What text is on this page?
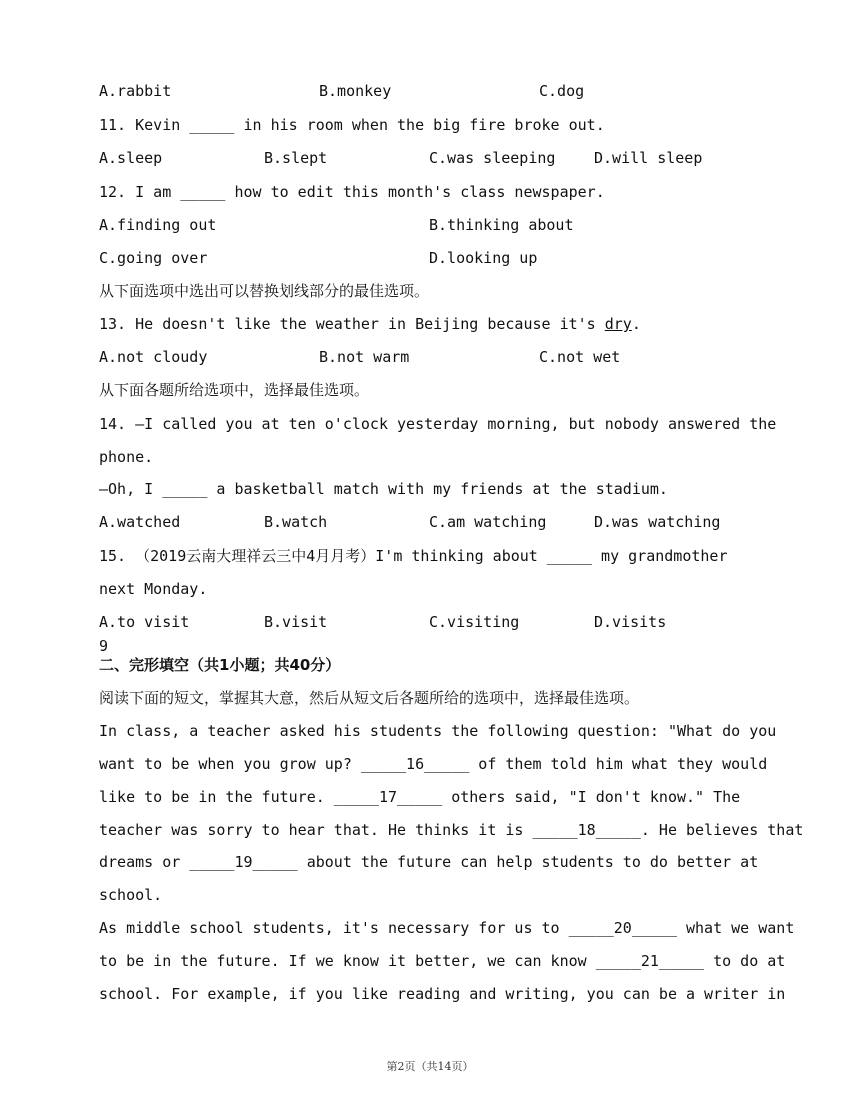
A.rabbit	B.monkey	C.dog
11. Kevin _____ in his room when the big fire broke out.
A.sleep	B.slept	C.was sleeping	D.will sleep
12. I am _____ how to edit this month's class newspaper.
A.finding out	B.thinking about
C.going over	D.looking up
从下面选项中选出可以替换划线部分的最佳选项。
13. He doesn't like the weather in Beijing because it's dry.
A.not cloudy	B.not warm	C.not wet
从下面各题所给选项中，选择最佳选项。
14. —I called you at ten o'clock yesterday morning, but nobody answered the
phone.
—Oh, I _____ a basketball match with my friends at the stadium.
A.watched	B.watch	C.am watching	D.was watching
15. （2019云南大理祥云三中4月月考）I'm thinking about _____ my grandmother
next Monday.
A.to visit	B.visit	C.visiting	D.visits
9
二、完形填空（共1小题；共40分）
阅读下面的短文，掌握其大意，然后从短文后各题所给的选项中，选择最佳选项。
In class, a teacher asked his students the following question: "What do you
want to be when you grow up? _____16_____ of them told him what they would
like to be in the future. _____17_____ others said, "I don't know." The
teacher was sorry to hear that. He thinks it is _____18_____. He believes that
dreams or _____19_____ about the future can help students to do better at
school.
As middle school students, it's necessary for us to _____20_____ what we want
to be in the future. If we know it better, we can know _____21_____ to do at
school. For example, if you like reading and writing, you can be a writer in
第2页（共14页）
